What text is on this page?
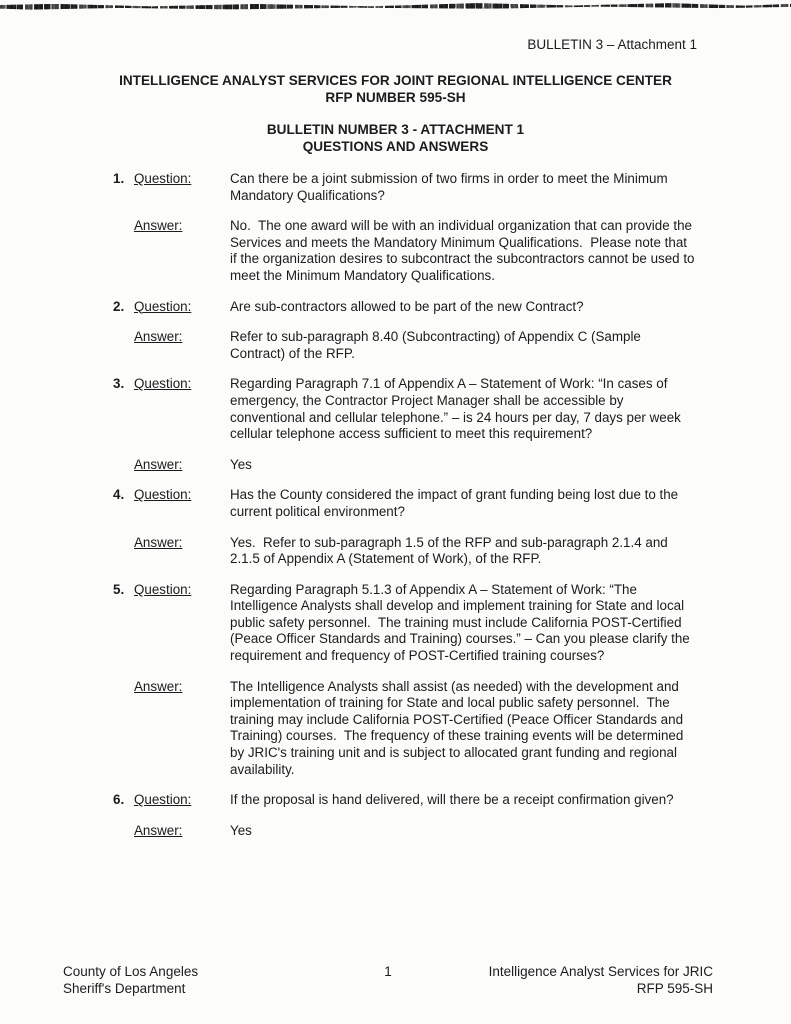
BULLETIN 3 – Attachment 1
INTELLIGENCE ANALYST SERVICES FOR JOINT REGIONAL INTELLIGENCE CENTER
RFP NUMBER 595-SH
BULLETIN NUMBER 3 - ATTACHMENT 1
QUESTIONS AND ANSWERS
1. Question:	Can there be a joint submission of two firms in order to meet the Minimum Mandatory Qualifications?
Answer:	No.  The one award will be with an individual organization that can provide the Services and meets the Mandatory Minimum Qualifications.  Please note that if the organization desires to subcontract the subcontractors cannot be used to meet the Minimum Mandatory Qualifications.
2. Question:	Are sub-contractors allowed to be part of the new Contract?
Answer:	Refer to sub-paragraph 8.40 (Subcontracting) of Appendix C (Sample Contract) of the RFP.
3. Question:	Regarding Paragraph 7.1 of Appendix A – Statement of Work: “In cases of emergency, the Contractor Project Manager shall be accessible by conventional and cellular telephone.” – is 24 hours per day, 7 days per week cellular telephone access sufficient to meet this requirement?
Answer:	Yes
4. Question:	Has the County considered the impact of grant funding being lost due to the current political environment?
Answer:	Yes.  Refer to sub-paragraph 1.5 of the RFP and sub-paragraph 2.1.4 and 2.1.5 of Appendix A (Statement of Work), of the RFP.
5. Question:	Regarding Paragraph 5.1.3 of Appendix A – Statement of Work: “The Intelligence Analysts shall develop and implement training for State and local public safety personnel.  The training must include California POST-Certified (Peace Officer Standards and Training) courses.” – Can you please clarify the requirement and frequency of POST-Certified training courses?
Answer:	The Intelligence Analysts shall assist (as needed) with the development and implementation of training for State and local public safety personnel.  The training may include California POST-Certified (Peace Officer Standards and Training) courses.  The frequency of these training events will be determined by JRIC's training unit and is subject to allocated grant funding and regional availability.
6. Question:	If the proposal is hand delivered, will there be a receipt confirmation given?
Answer:	Yes
County of Los Angeles
Sheriff's Department
1	Intelligence Analyst Services for JRIC
RFP 595-SH
